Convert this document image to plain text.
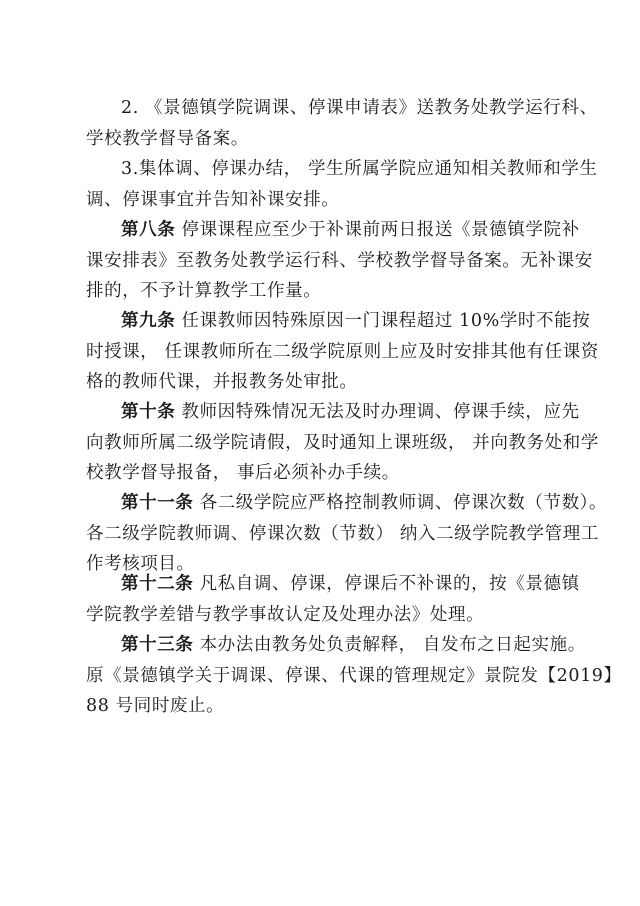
2. 《景德镇学院调课、停课申请表》送教务处教学运行科、
学校教学督导备案。

3.集体调、停课办结， 学生所属学院应通知相关教师和学生
调、停课事宜并告知补课安排。

第八条 停课课程应至少于补课前两日报送《景德镇学院补
课安排表》至教务处教学运行科、学校教学督导备案。无补课安
排的，不予计算教学工作量。

第九条 任课教师因特殊原因一门课程超过 10%学时不能按
时授课， 任课教师所在二级学院原则上应及时安排其他有任课资
格的教师代课，并报教务处审批。

第十条 教师因特殊情况无法及时办理调、停课手续，应先
向教师所属二级学院请假，及时通知上课班级， 并向教务处和学
校教学督导报备， 事后必须补办手续。

第十一条 各二级学院应严格控制教师调、停课次数（节数）。
各二级学院教师调、停课次数（节数） 纳入二级学院教学管理工
作考核项目。

第十二条 凡私自调、停课，停课后不补课的，按《景德镇
学院教学差错与教学事故认定及处理办法》处理。

第十三条 本办法由教务处负责解释， 自发布之日起实施。
原《景德镇学关于调课、停课、代课的管理规定》景院发【2019】
88 号同时废止。
